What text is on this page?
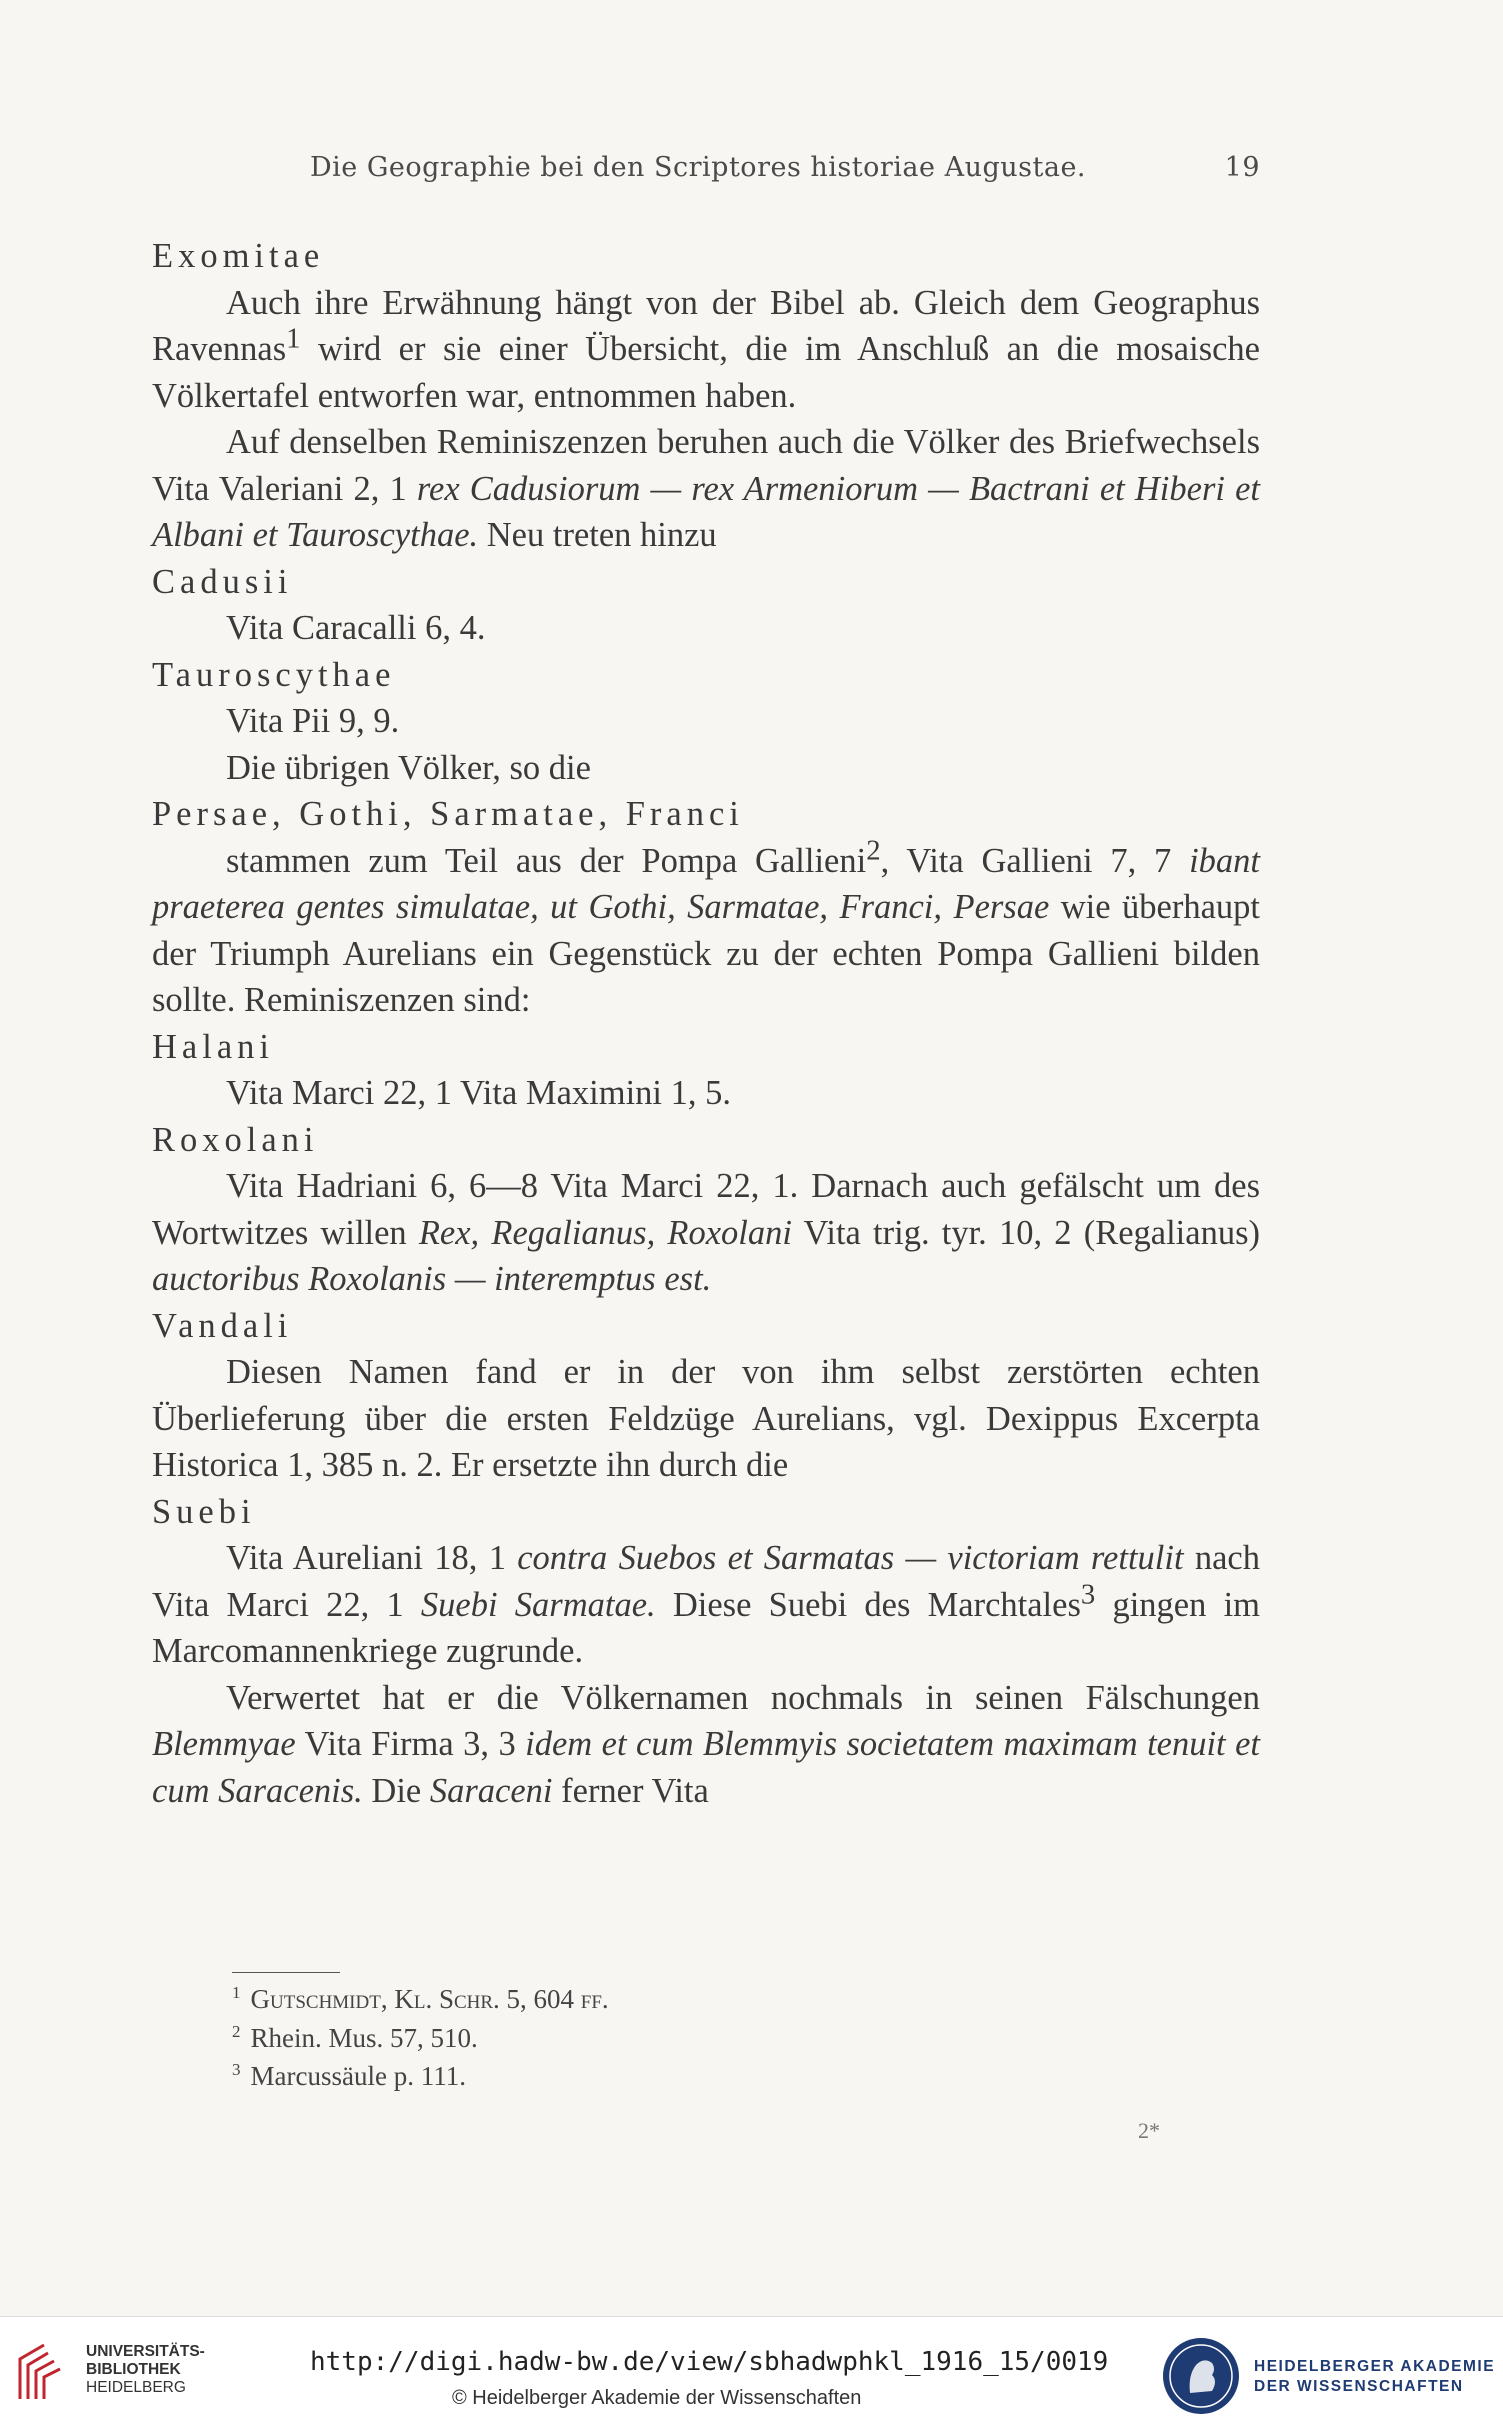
Die Geographie bei den Scriptores historiae Augustae.	19
Exomitae
Auch ihre Erwähnung hängt von der Bibel ab. Gleich dem Geographus Ravennas$^1$ wird er sie einer Übersicht, die im Anschluß an die mosaische Völkertafel entworfen war, entnommen haben.
Auf denselben Reminiszenzen beruhen auch die Völker des Briefwechsels Vita Valeriani 2, 1 rex Cadusiorum — rex Armeniorum — Bactrani et Hiberi et Albani et Tauroscythae. Neu treten hinzu
Cadusii
Vita Caracalli 6, 4.
Tauroscythae
Vita Pii 9, 9.
Die übrigen Völker, so die
Persae, Gothi, Sarmatae, Franci
stammen zum Teil aus der Pompa Gallieni$^2$, Vita Gallieni 7, 7 ibant praeterea gentes simulatae, ut Gothi, Sarmatae, Franci, Persae wie überhaupt der Triumph Aurelians ein Gegenstück zu der echten Pompa Gallieni bilden sollte. Reminiszenzen sind:
Halani
Vita Marci 22, 1 Vita Maximini 1, 5.
Roxolani
Vita Hadriani 6, 6—8 Vita Marci 22, 1. Darnach auch gefälscht um des Wortwitzes willen Rex, Regalianus, Roxolani Vita trig. tyr. 10, 2 (Regalianus) auctoribus Roxolanis — interemptus est.
Vandali
Diesen Namen fand er in der von ihm selbst zerstörten echten Überlieferung über die ersten Feldzüge Aurelians, vgl. Dexippus Excerpta Historica 1, 385 n. 2. Er ersetzte ihn durch die
Suebi
Vita Aureliani 18, 1 contra Suebos et Sarmatas — victoriam rettulit nach Vita Marci 22, 1 Suebi Sarmatae. Diese Suebi des Marchtales$^3$ gingen im Marcomannenkriege zugrunde.
Verwertet hat er die Völkernamen nochmals in seinen Fälschungen Blemmyae Vita Firma 3, 3 idem et cum Blemmyis societatem maximam tenuit et cum Saracenis. Die Saraceni ferner Vita
$^1$ Gutschmidt, Kl. Schr. 5, 604 ff.
$^2$ Rhein. Mus. 57, 510.
$^3$ Marcussäule p. 111.
2*
UNIVERSITÄTS-
BIBLIOTHEK
HEIDELBERG
http://digi.hadw-bw.de/view/sbhadwphkl_1916_15/0019
© Heidelberger Akademie der Wissenschaften
HEIDELBERGER AKADEMIE
DER WISSENSCHAFTEN
